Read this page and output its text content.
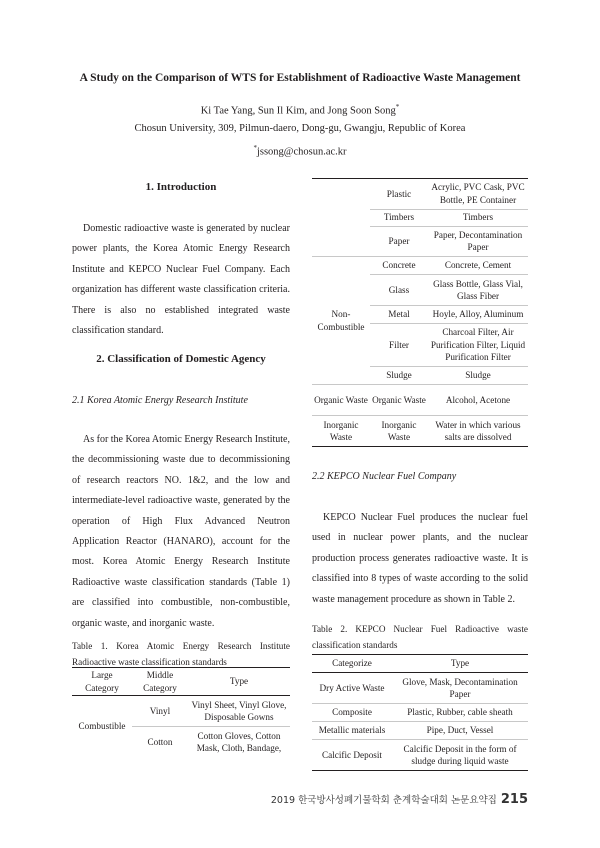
A Study on the Comparison of WTS for Establishment of Radioactive Waste Management
Ki Tae Yang, Sun Il Kim, and Jong Soon Song*
Chosun University, 309, Pilmun-daero, Dong-gu, Gwangju, Republic of Korea
*jssong@chosun.ac.kr
1. Introduction
Domestic radioactive waste is generated by nuclear power plants, the Korea Atomic Energy Research Institute and KEPCO Nuclear Fuel Company. Each organization has different waste classification criteria. There is also no established integrated waste classification standard.
2. Classification of Domestic Agency
2.1 Korea Atomic Energy Research Institute
As for the Korea Atomic Energy Research Institute, the decommissioning waste due to decommissioning of research reactors NO. 1&2, and the low and intermediate-level radioactive waste, generated by the operation of High Flux Advanced Neutron Application Reactor (HANARO), account for the most. Korea Atomic Energy Research Institute Radioactive waste classification standards (Table 1) are classified into combustible, non-combustible, organic waste, and inorganic waste.
Table 1. Korea Atomic Energy Research Institute Radioactive waste classification standards
Large Category	Middle Category	Type
Combustible	Vinyl	Vinyl Sheet, Vinyl Glove, Disposable Gowns
	Cotton	Cotton Gloves, Cotton Mask, Cloth, Bandage,
	Plastic	Acrylic, PVC Cask, PVC Bottle, PE Container
	Timbers	Timbers
	Paper	Paper, Decontamination Paper
Non-Combustible	Concrete	Concrete, Cement
	Glass	Glass Bottle, Glass Vial, Glass Fiber
	Metal	Hoyle, Alloy, Aluminum
	Filter	Charcoal Filter, Air Purification Filter, Liquid Purification Filter
	Sludge	Sludge
Organic Waste	Organic Waste	Alcohol, Acetone
Inorganic Waste	Inorganic Waste	Water in which various salts are dissolved
2.2 KEPCO Nuclear Fuel Company
KEPCO Nuclear Fuel produces the nuclear fuel used in nuclear power plants, and the nuclear production process generates radioactive waste. It is classified into 8 types of waste according to the solid waste management procedure as shown in Table 2.
Table 2. KEPCO Nuclear Fuel Radioactive waste classification standards
Categorize	Type
Dry Active Waste	Glove, Mask, Decontamination Paper
Composite	Plastic, Rubber, cable sheath
Metallic materials	Pipe, Duct, Vessel
Calcific Deposit	Calcific Deposit in the form of sludge during liquid waste
2019 한국방사성폐기물학회 춘계학술대회 논문요약집 215
